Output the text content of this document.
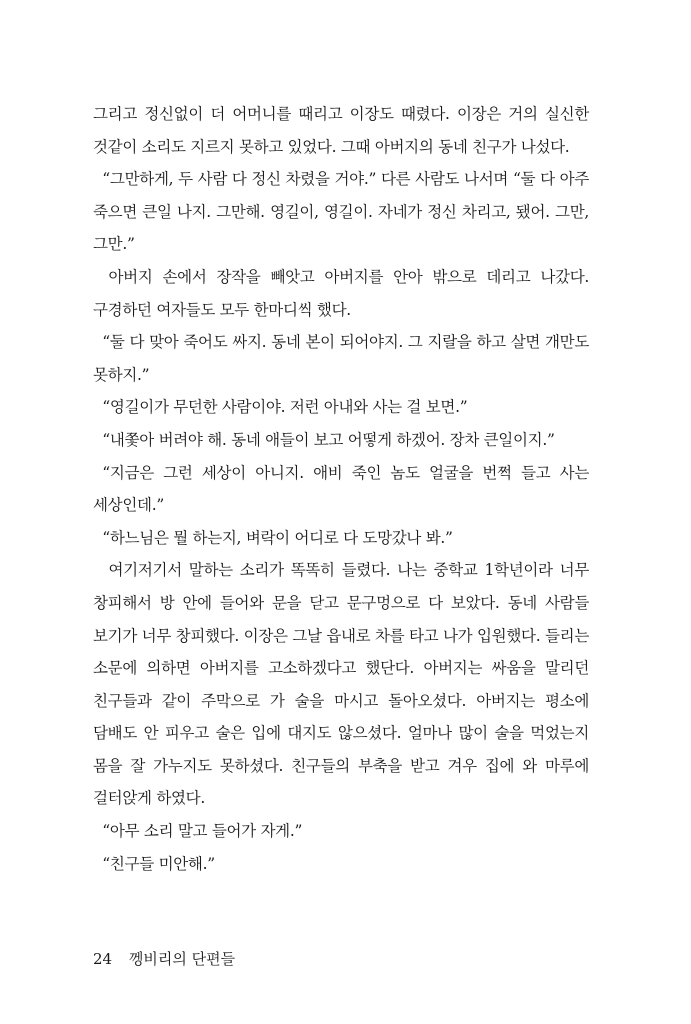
그리고 정신없이 더 어머니를 때리고 이장도 때렸다. 이장은 거의 실신한 것같이 소리도 지르지 못하고 있었다. 그때 아버지의 동네 친구가 나섰다.

“그만하게, 두 사람 다 정신 차렸을 거야.” 다른 사람도 나서며 “둘 다 아주 죽으면 큰일 나지. 그만해. 영길이, 영길이. 자네가 정신 차리고, 됐어. 그만, 그만.”

아버지 손에서 장작을 빼앗고 아버지를 안아 밖으로 데리고 나갔다. 구경하던 여자들도 모두 한마디씩 했다.

“둘 다 맞아 죽어도 싸지. 동네 본이 되어야지. 그 지랄을 하고 살면 개만도 못하지.”

“영길이가 무던한 사람이야. 저런 아내와 사는 걸 보면.”

“내쫓아 버려야 해. 동네 애들이 보고 어떻게 하겠어. 장차 큰일이지.”

“지금은 그런 세상이 아니지. 애비 죽인 놈도 얼굴을 번쩍 들고 사는 세상인데.”

“하느님은 뭘 하는지, 벼락이 어디로 다 도망갔나 봐.”

여기저기서 말하는 소리가 똑똑히 들렸다. 나는 중학교 1학년이라 너무 창피해서 방 안에 들어와 문을 닫고 문구멍으로 다 보았다. 동네 사람들 보기가 너무 창피했다. 이장은 그날 읍내로 차를 타고 나가 입원했다. 들리는 소문에 의하면 아버지를 고소하겠다고 했단다. 아버지는 싸움을 말리던 친구들과 같이 주막으로 가 술을 마시고 돌아오셨다. 아버지는 평소에 담배도 안 피우고 술은 입에 대지도 않으셨다. 얼마나 많이 술을 먹었는지 몸을 잘 가누지도 못하셨다. 친구들의 부축을 받고 겨우 집에 와 마루에 걸터앉게 하였다.

“아무 소리 말고 들어가 자게.”

“친구들 미안해.”

24 껭비리의 단편들
